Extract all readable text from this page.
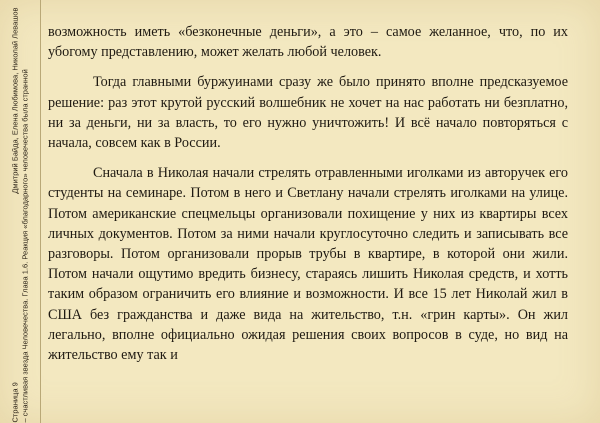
Страница 9
Дмитрий Байда, Елена Любимова, Николай Левашов – счастливая звезда Человечества. Глава 1.6. Реакция «благодарного» человечества была странной

возможность иметь «безконечные деньги», а это – самое желанное, что, по их убогому представлению, может желать любой человек.

Тогда главными буржуинами сразу же было принято вполне предсказуемое решение: раз этот крутой русский волшебник не хочет на нас работать ни безплатно, ни за деньги, ни за власть, то его нужно уничтожить! И всё начало повторяться с начала, совсем как в России.

Сначала в Николая начали стрелять отравленными иголками из авторучек его студенты на семинаре. Потом в него и Светлану начали стрелять иголками на улице. Потом американские спецмельцы организовали похищение у них из квартиры всех личных документов. Потом за ними начали круглосуточно следить и записывать все разговоры. Потом организовали прорыв трубы в квартире, в которой они жили. Потом начали ощутимо вредить бизнесу, стараясь лишить Николая средств, и хотть таким образом ограничить его влияние и возможности. И все 15 лет Николай жил в США без гражданства и даже вида на жительство, т.н. «грин карты». Он жил легально, вполне официально ожидая решения своих вопросов в суде, но вид на жительство ему так и
